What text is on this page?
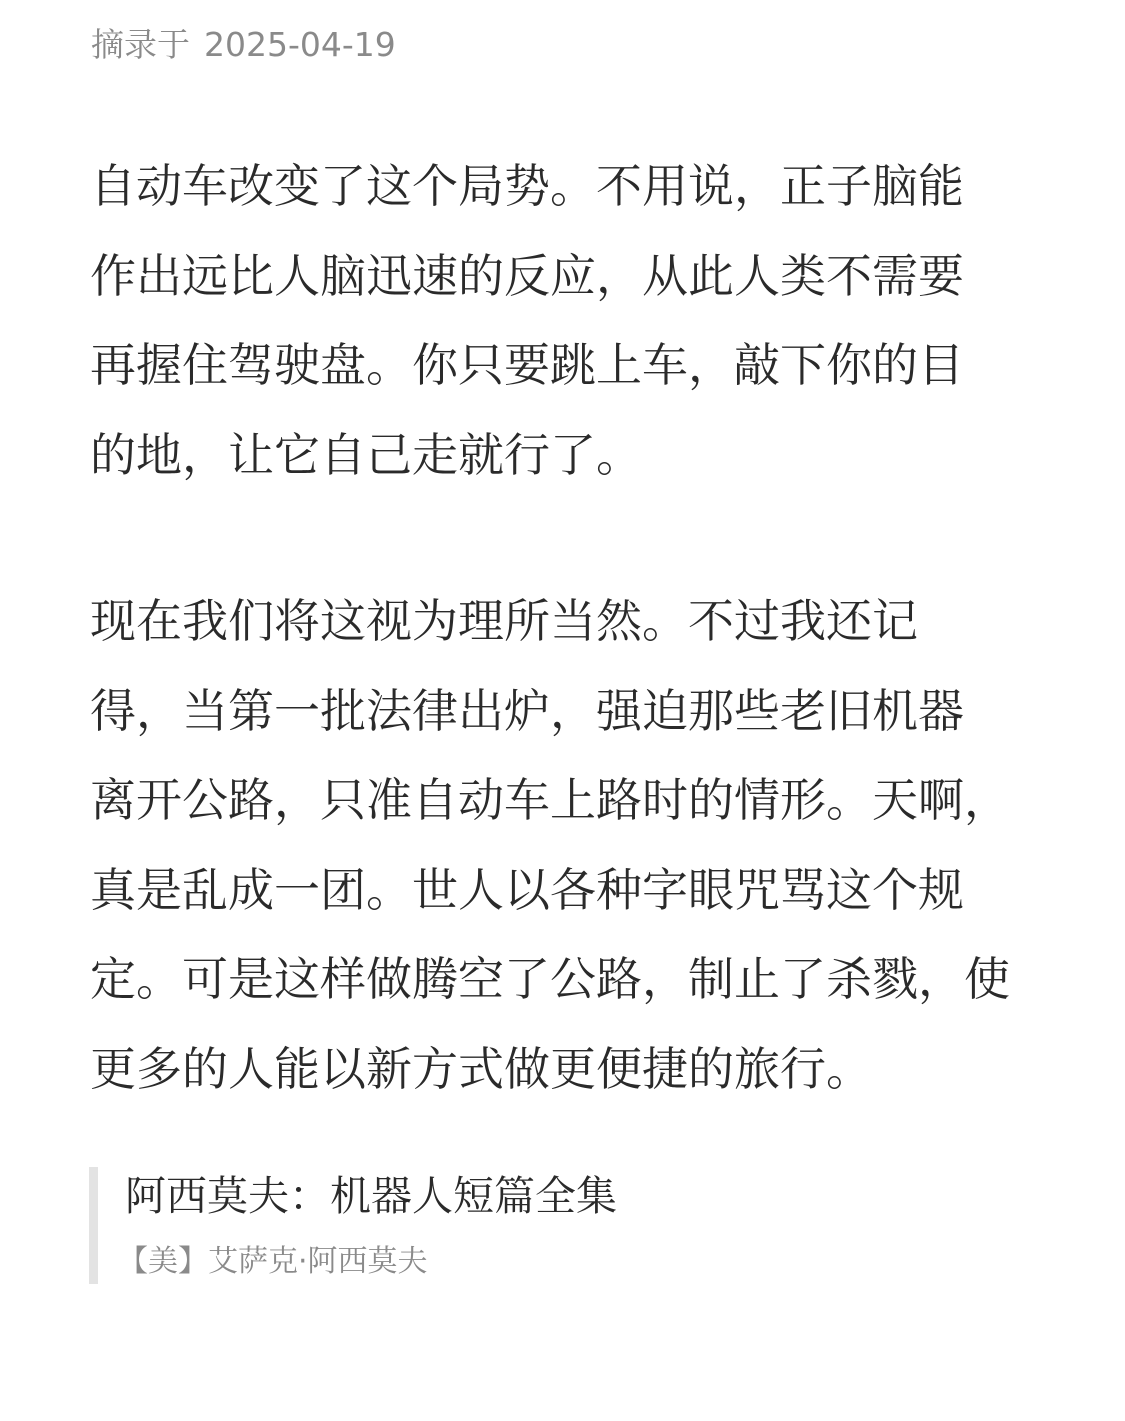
摘录于 2025-04-19
自动车改变了这个局势。不用说，正子脑能
作出远比人脑迅速的反应，从此人类不需要
再握住驾驶盘。你只要跳上车，敲下你的目
的地，让它自己走就行了。
现在我们将这视为理所当然。不过我还记
得，当第一批法律出炉，强迫那些老旧机器
离开公路，只准自动车上路时的情形。天啊，
真是乱成一团。世人以各种字眼咒骂这个规
定。可是这样做腾空了公路，制止了杀戮，使
更多的人能以新方式做更便捷的旅行。
阿西莫夫：机器人短篇全集
【美】艾萨克·阿西莫夫
